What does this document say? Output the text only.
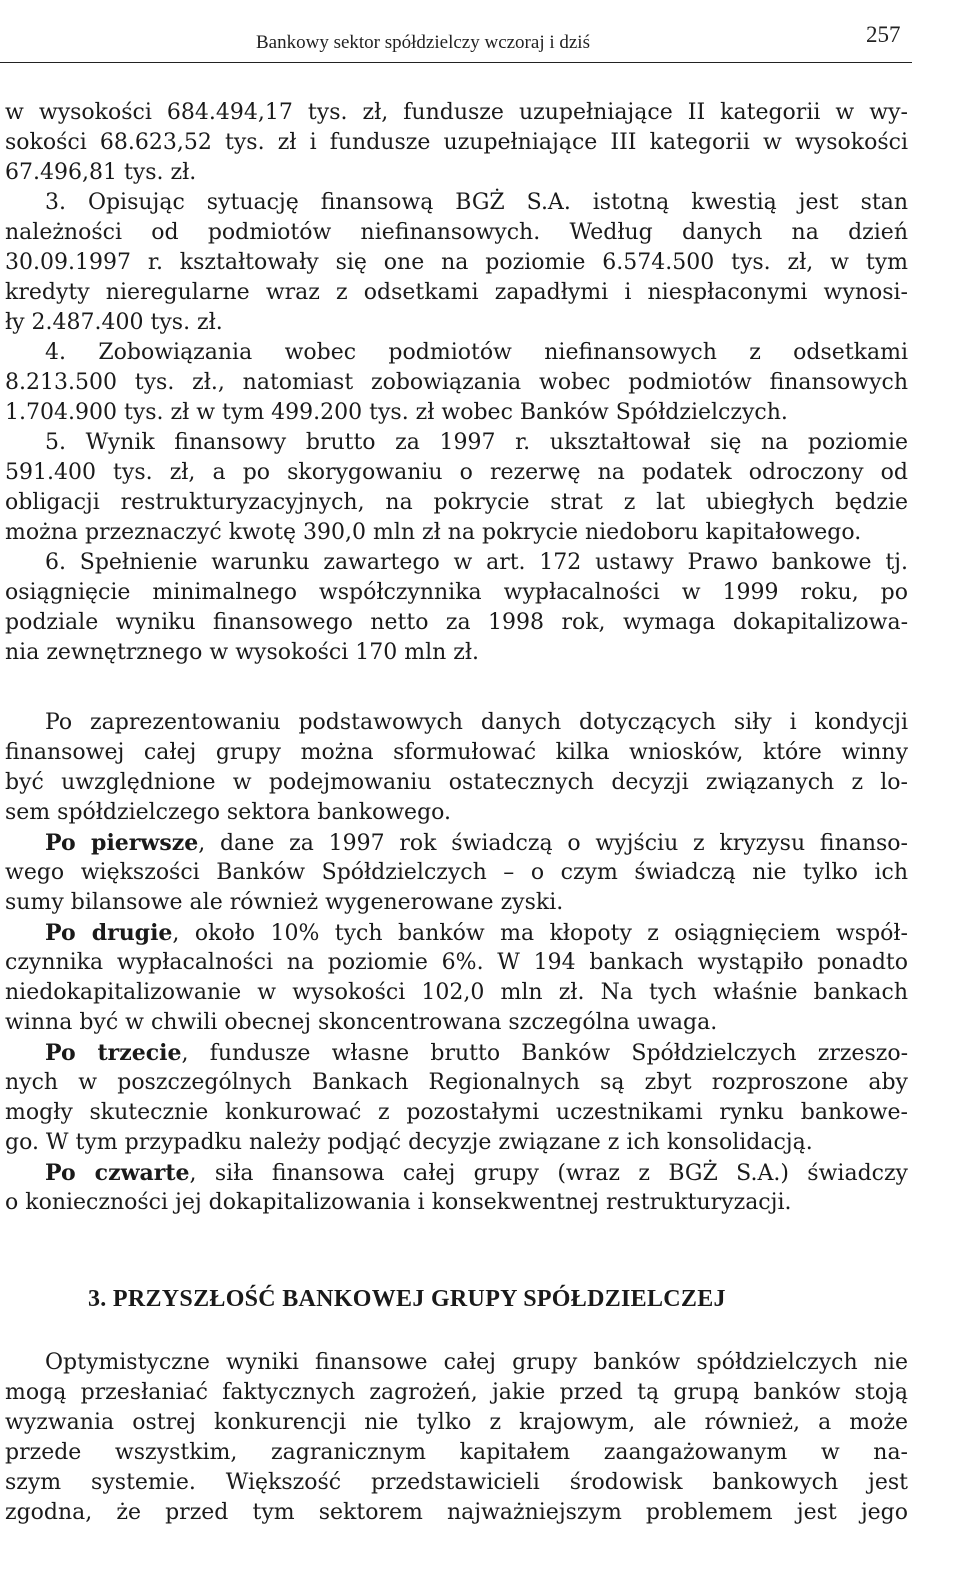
Bankowy sektor spółdzielczy wczoraj i dziś	257

w wysokości 684.494,17 tys. zł, fundusze uzupełniające II kategorii w wy-

sokości 68.623,52 tys. zł i fundusze uzupełniające III kategorii w wysokości

67.496,81 tys. zł.

3. Opisując sytuację finansową BGŻ S.A. istotną kwestią jest stan

należności od podmiotów niefinansowych. Według danych na dzień

30.09.1997 r. kształtowały się one na poziomie 6.574.500 tys. zł, w tym

kredyty nieregularne wraz z odsetkami zapadłymi i niespłaconymi wynosi-

ły 2.487.400 tys. zł.

4. Zobowiązania wobec podmiotów niefinansowych z odsetkami

8.213.500 tys. zł., natomiast zobowiązania wobec podmiotów finansowych

1.704.900 tys. zł w tym 499.200 tys. zł wobec Banków Spółdzielczych.

5. Wynik finansowy brutto za 1997 r. ukształtował się na poziomie

591.400 tys. zł, a po skorygowaniu o rezerwę na podatek odroczony od

obligacji restrukturyzacyjnych, na pokrycie strat z lat ubiegłych będzie

można przeznaczyć kwotę 390,0 mln zł na pokrycie niedoboru kapitałowego.

6. Spełnienie warunku zawartego w art. 172 ustawy Prawo bankowe tj.

osiągnięcie minimalnego współczynnika wypłacalności w 1999 roku, po

podziale wyniku finansowego netto za 1998 rok, wymaga dokapitalizowa-

nia zewnętrznego w wysokości 170 mln zł.

Po zaprezentowaniu podstawowych danych dotyczących siły i kondycji

finansowej całej grupy można sformułować kilka wniosków, które winny

być uwzględnione w podejmowaniu ostatecznych decyzji związanych z lo-

sem spółdzielczego sektora bankowego.

Po pierwsze, dane za 1997 rok świadczą o wyjściu z kryzysu finanso-

wego większości Banków Spółdzielczych – o czym świadczą nie tylko ich

sumy bilansowe ale również wygenerowane zyski.

Po drugie, około 10% tych banków ma kłopoty z osiągnięciem współ-

czynnika wypłacalności na poziomie 6%. W 194 bankach wystąpiło ponadto

niedokapitalizowanie w wysokości 102,0 mln zł. Na tych właśnie bankach

winna być w chwili obecnej skoncentrowana szczególna uwaga.

Po trzecie, fundusze własne brutto Banków Spółdzielczych zrzeszo-

nych w poszczególnych Bankach Regionalnych są zbyt rozproszone aby

mogły skutecznie konkurować z pozostałymi uczestnikami rynku bankowe-

go. W tym przypadku należy podjąć decyzje związane z ich konsolidacją.

Po czwarte, siła finansowa całej grupy (wraz z BGŻ S.A.) świadczy

o konieczności jej dokapitalizowania i konsekwentnej restrukturyzacji.

3. PRZYSZŁOŚĆ BANKOWEJ GRUPY SPÓŁDZIELCZEJ

Optymistyczne wyniki finansowe całej grupy banków spółdzielczych nie

mogą przesłaniać faktycznych zagrożeń, jakie przed tą grupą banków stoją

wyzwania ostrej konkurencji nie tylko z krajowym, ale również, a może

przede wszystkim, zagranicznym kapitałem zaangażowanym w na-

szym systemie. Większość przedstawicieli środowisk bankowych jest

zgodna, że przed tym sektorem najważniejszym problemem jest jego
